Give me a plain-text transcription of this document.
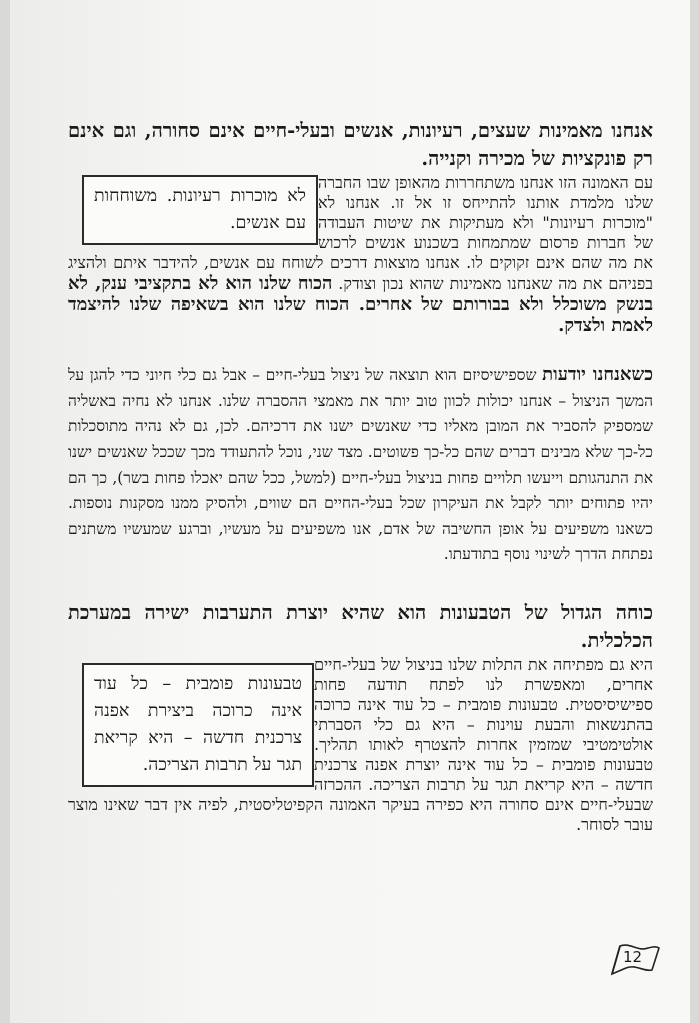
אנחנו מאמינות שעצים, רעיונות, אנשים ובעלי-חיים אינם סחורה, וגם אינם רק פונקציות של מכירה וקנייה.

לא מוכרות רעיונות. משוחחות עם אנשים.
עם האמונה הזו אנחנו משתחררות מהאופן שבו החברה שלנו מלמדת אותנו להתייחס זו אל זו. אנחנו לא "מוכרות רעיונות" ולא מעתיקות את שיטות העבודה של חברות פרסום שמתמחות בשכנוע אנשים לרכוש את מה שהם אינם זקוקים לו. אנחנו מוצאות דרכים לשוחח עם אנשים, להידבר איתם ולהציג בפניהם את מה שאנחנו מאמינות שהוא נכון וצודק. הכוח שלנו הוא לא בתקציבי ענק, לא בנשק משוכלל ולא בבורותם של אחרים. הכוח שלנו הוא בשאיפה שלנו להיצמד לאמת ולצדק.

כשאנחנו יודעות שספישיסיזם הוא תוצאה של ניצול בעלי-חיים – אבל גם כלי חיוני כדי להגן על המשך הניצול – אנחנו יכולות לכוון טוב יותר את מאמצי ההסברה שלנו. אנחנו לא נחיה באשליה שמספיק להסביר את המובן מאליו כדי שאנשים ישנו את דרכיהם. לכן, גם לא נהיה מתוסכלות כל-כך שלא מבינים דברים שהם כל-כך פשוטים. מצד שני, נוכל להתעודד מכך שככל שאנשים ישנו את התנהגותם וייעשו תלויים פחות בניצול בעלי-חיים (למשל, ככל שהם יאכלו פחות בשר), כך הם יהיו פתוחים יותר לקבל את העיקרון שכל בעלי-החיים הם שווים, ולהסיק ממנו מסקנות נוספות. כשאנו משפיעים על אופן החשיבה של אדם, אנו משפיעים על מעשיו, וברגע שמעשיו משתנים נפתחת הדרך לשינוי נוסף בתודעתו.

כוחה הגדול של הטבעונות הוא שהיא יוצרת התערבות ישירה במערכת הכלכלית.

טבעונות פומבית – כל עוד אינה כרוכה ביצירת אפנה צרכנית חדשה – היא קריאת תגר על תרבות הצריכה.
היא גם מפתיחה את התלות שלנו בניצול של בעלי-חיים אחרים, ומאפשרת לנו לפתח תודעה פחות ספישיסיסטית. טבעונות פומבית – כל עוד אינה כרוכה בהתנשאות והבעת עוינות – היא גם כלי הסברתי אולטימטיבי שמזמין אחרות להצטרף לאותו תהליך. טבעונות פומבית – כל עוד אינה יוצרת אפנה צרכנית חדשה – היא קריאת תגר על תרבות הצריכה. ההכרזה שבעלי-חיים אינם סחורה היא כפירה בעיקר האמונה הקפיטליסטית, לפיה אין דבר שאינו מוצר עובר לסוחר.

12
